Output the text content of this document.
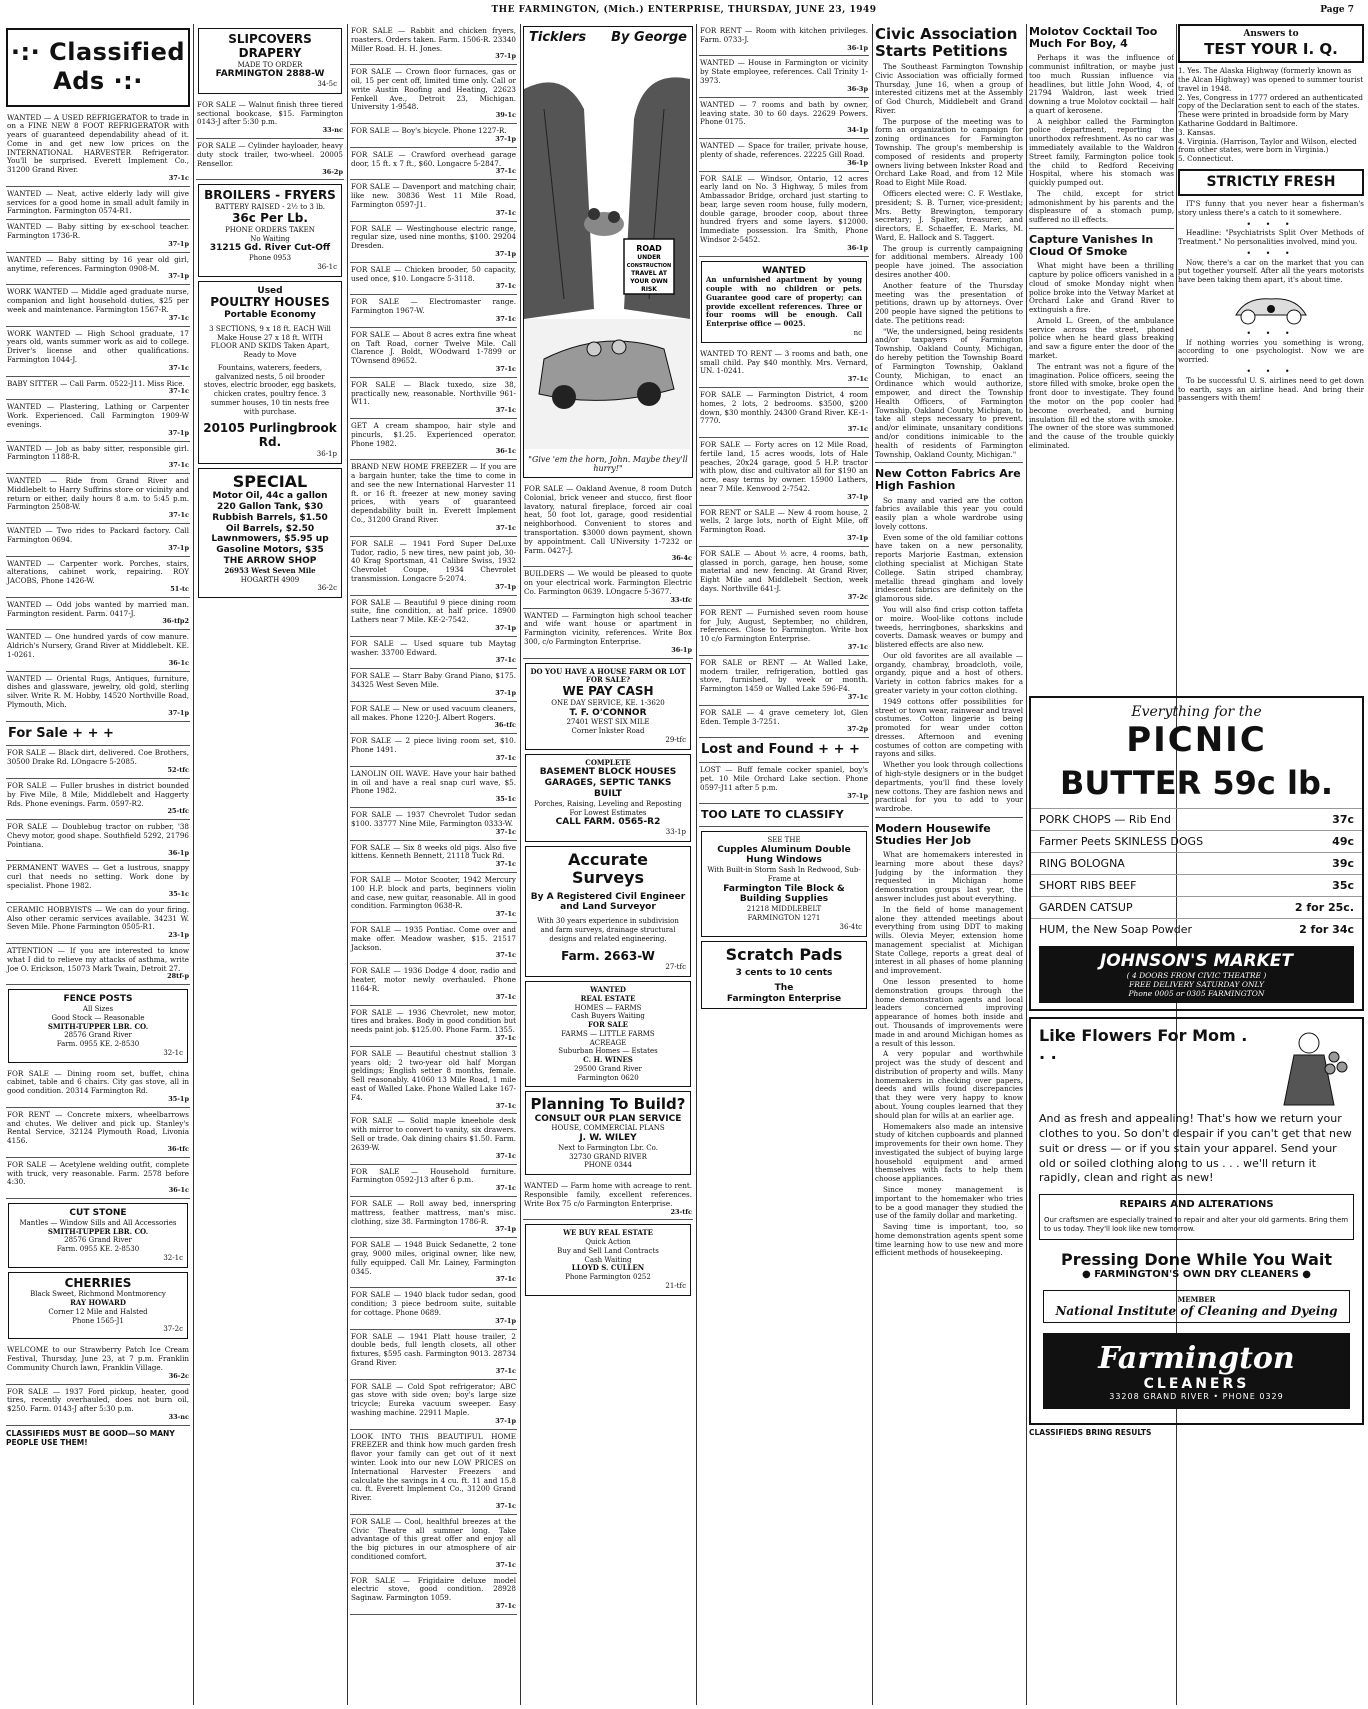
THE FARMINGTON, (Mich.) ENTERPRISE, THURSDAY, JUNE 23, 1949	Page 7
·:· Classified Ads ·:·
WANTED — A USED REFRIGERATOR to trade in on a FINE NEW 8 FOOT REFRIGERATOR with years of guaranteed dependability ahead of it. Come in and get new low prices on the INTERNATIONAL HARVESTER Refrigerator. You'll be surprised. Everett Implement Co., 31200 Grand River.
37-1c
WANTED — Neat, active elderly lady will give services for a good home in small adult family in Farmington. Farmington 0574-R1.
WANTED — Baby sitting by ex-school teacher. Farmington 1736-R.
37-1p
WANTED — Baby sitting by 16 year old girl, anytime, references. Farmington 0908-M.
37-1p
WORK WANTED — Middle aged graduate nurse, companion and light household duties, $25 per week and maintenance. Farmington 1567-R.
37-1c
WORK WANTED — High School graduate, 17 years old, wants summer work as aid to college. Driver's license and other qualifications. Farmington 1044-J.
37-1c
BABY SITTER — Call Farm. 0522-J11. Miss Rice.
37-1c
WANTED — Plastering, Lathing or Carpenter Work. Experienced. Call Farmington 1909-W evenings.
37-1p
WANTED — Job as baby sitter, responsible girl. Farmington 1188-R.
37-1c
WANTED — Ride from Grand River and Middlebelt to Harry Suffrins store or vicinity and return or either, daily hours 8 a.m. to 5:45 p.m. Farmington 2508-W.
37-1c
WANTED — Two rides to Packard factory. Call Farmington 0694.
37-1p
WANTED — Carpenter work. Porches, stairs, alterations, cabinet work, repairing. ROY JACOBS, Phone 1426-W.
51-tc
WANTED — Odd jobs wanted by married man. Farmington resident. Farm. 0417-J.
36-tfp2
WANTED — One hundred yards of cow manure. Aldrich's Nursery, Grand River at Middlebelt. KE. 1-0261.
36-1c
WANTED — Oriental Rugs, Antiques, furniture, dishes and glassware, jewelry, old gold, sterling silver. Write R. M. Hobby, 14520 Northville Road, Plymouth, Mich.
37-1p
For Sale + + +
FOR SALE — Black dirt, delivered. Coe Brothers, 30500 Drake Rd. LOngacre 5-2085.
52-tfc
FOR SALE — Fuller brushes in district bounded by Five Mile, 8 Mile, Middlebelt and Haggerty Rds. Phone evenings. Farm. 0597-R2.
25-tfc
FOR SALE — Doublebug tractor on rubber, '38 Chevy motor, good shape. Southfield 5292, 21796 Pointiana.
36-1p
PERMANENT WAVES — Get a lustrous, snappy curl that needs no setting. Work done by specialist. Phone 1982.
35-1c
CERAMIC HOBBYISTS — We can do your firing. Also other ceramic services available. 34231 W. Seven Mile. Phone Farmington 0505-R1.
23-1p
ATTENTION — If you are interested to know what I did to relieve my attacks of asthma, write Joe O. Erickson, 15073 Mark Twain, Detroit 27.
28tf-p
FENCE POSTS
All Sizes
Good Stock — Reasonable
SMITH-TUPPER LBR. CO.
28576 Grand River
Farm. 0955 KE. 2-8530
32-1c
FOR SALE — Dining room set, buffet, china cabinet, table and 6 chairs. City gas stove, all in good condition. 20314 Farmington Rd.
35-1p
FOR RENT — Concrete mixers, wheelbarrows and chutes. We deliver and pick up. Stanley's Rental Service, 32124 Plymouth Road, Livonia 4156.
36-tfc
FOR SALE — Acetylene welding outfit, complete with truck, very reasonable. Farm. 2578 before 4:30.
36-1c
CUT STONE
Mantles — Window Sills and All Accessories
SMITH-TUPPER LBR. CO.
28576 Grand River
Farm. 0955 KE. 2-8530
32-1c
CHERRIES
Black Sweet, Richmond Montmorency
RAY HOWARD
Corner 12 Mile and Halsted
Phone 1565-J1
37-2c
WELCOME to our Strawberry Patch Ice Cream Festival, Thursday, June 23, at 7 p.m. Franklin Community Church lawn, Franklin Village.
36-2c
FOR SALE — 1937 Ford pickup, heater, good tires, recently overhauled, does not burn oil, $250. Farm. 0143-J after 5:30 p.m.
33-nc
CLASSIFIEDS MUST BE GOOD—SO MANY PEOPLE USE THEM!
SLIPCOVERS DRAPERY
MADE TO ORDER
FARMINGTON 2888-W
34-5c
FOR SALE — Walnut finish three tiered sectional bookcase, $15. Farmington 0143-J after 5:30 p.m.
33-nc
FOR SALE — Cylinder hayloader, heavy duty stock trailer, two-wheel. 20005 Rensellor.
36-2p
BROILERS - FRYERS
BATTERY RAISED - 2½ to 3 lb.
36c Per Lb.
PHONE ORDERS TAKEN
No Waiting
31215 Gd. River Cut-Off
Phone 0953
36-1c
Used
POULTRY HOUSES
Portable Economy
3 SECTIONS, 9 x 18 ft. EACH Will Make House 27 x 18 ft. WITH FLOOR AND SKIDS Taken Apart, Ready to Move
Fountains, waterers, feeders, galvanized nests, 5 oil brooder stoves, electric brooder, egg baskets, chicken crates, poultry fence. 3 summer houses, 10 tin nests free with purchase.
20105 Purlingbrook Rd.
36-1p
SPECIAL
Motor Oil, 44c a gallon
220 Gallon Tank, $30
Rubbish Barrels, $1.50
Oil Barrels, $2.50
Lawnmowers, $5.95 up
Gasoline Motors, $35
THE ARROW SHOP
26953 West Seven Mile
HOGARTH 4909
36-2c
FOR SALE — Rabbit and chicken fryers, roasters. Orders taken. Farm. 1506-R. 23340 Miller Road. H. H. Jones.
37-1p
FOR SALE — Crown floor furnaces, gas or oil, 15 per cent off, limited time only. Call or write Austin Roofing and Heating, 22623 Fenkell Ave., Detroit 23, Michigan. University 1-9548.
39-1c
FOR SALE — Boy's bicycle. Phone 1227-R.
37-1p
FOR SALE — Crawford overhead garage door, 15 ft. x 7 ft., $60. Longacre 5-2847.
37-1c
FOR SALE — Davenport and matching chair, like new. 30836 West 11 Mile Road, Farmington 0597-J1.
37-1c
FOR SALE — Westinghouse electric range, regular size, used nine months, $100. 29204 Dresden.
37-1p
FOR SALE — Chicken brooder, 50 capacity, used once, $10. Longacre 5-3118.
37-1c
FOR SALE — Electromaster range. Farmington 1967-W.
37-1c
FOR SALE — About 8 acres extra fine wheat on Taft Road, corner Twelve Mile. Call Clarence J. Boldt, WOodward 1-7899 or TOwnsend 89652.
37-1c
FOR SALE — Black tuxedo, size 38, practically new, reasonable. Northville 961-W11.
37-1c
GET A cream shampoo, hair style and pincurls, $1.25. Experienced operator. Phone 1982.
36-1c
BRAND NEW HOME FREEZER — If you are a bargain hunter, take the time to come in and see the new International Harvester 11 ft. or 16 ft. freezer at new money saving prices, with years of guaranteed dependability built in. Everett Implement Co., 31200 Grand River.
37-1c
FOR SALE — 1941 Ford Super DeLuxe Tudor, radio, 5 new tires, new paint job, 30-40 Krag Sportsman, 41 Calibre Swiss, 1932 Chevrolet Coupe, 1934 Chevrolet transmission. Longacre 5-2074.
37-1p
FOR SALE — Beautiful 9 piece dining room suite, fine condition, at half price. 18900 Lathers near 7 Mile. KE-2-7542.
37-1p
FOR SALE — Used square tub Maytag washer. 33700 Edward.
37-1c
FOR SALE — Starr Baby Grand Piano, $175. 34325 West Seven Mile.
37-1p
FOR SALE — New or used vacuum cleaners, all makes. Phone 1220-J. Albert Rogers.
36-tfc
FOR SALE — 2 piece living room set, $10. Phone 1491.
37-1c
LANOLIN OIL WAVE. Have your hair bathed in oil and have a real snap curl wave, $5. Phone 1982.
35-1c
FOR SALE — 1937 Chevrolet Tudor sedan $100. 33777 Nine Mile, Farmington 0333-W.
37-1c
FOR SALE — Six 8 weeks old pigs. Also five kittens. Kenneth Bennett, 21118 Tuck Rd.
37-1c
FOR SALE — Motor Scooter, 1942 Mercury 100 H.P. block and parts, beginners violin and case, new guitar, reasonable. All in good condition. Farmington 0638-R.
37-1c
FOR SALE — 1935 Pontiac. Come over and make offer. Meadow washer, $15. 21517 Jackson.
37-1c
FOR SALE — 1936 Dodge 4 door, radio and heater, motor newly overhauled. Phone 1164-R.
37-1c
FOR SALE — 1936 Chevrolet, new motor, tires and brakes. Body in good condition but needs paint job. $125.00. Phone Farm. 1355.
37-1c
FOR SALE — Beautiful chestnut stallion 3 years old; 2 two-year old half Morgan geldings; English setter 8 months, female. Sell reasonably. 41060 13 Mile Road, 1 mile east of Walled Lake. Phone Walled Lake 167-F4.
37-1c
FOR SALE — Solid maple kneehole desk with mirror to convert to vanity, six drawers. Sell or trade. Oak dining chairs $1.50. Farm. 2639-W.
37-1c
FOR SALE — Household furniture. Farmington 0592-J13 after 6 p.m.
37-1c
FOR SALE — Roll away bed, innerspring mattress, feather mattress, man's misc. clothing, size 38. Farmington 1786-R.
37-1p
FOR SALE — 1948 Buick Sedanette, 2 tone gray, 9000 miles, original owner, like new, fully equipped. Call Mr. Lainey, Farmington 0345.
37-1c
FOR SALE — 1940 black tudor sedan, good condition; 3 piece bedroom suite, suitable for cottage. Phone 0689.
37-1p
FOR SALE — 1941 Platt house trailer, 2 double beds, full length closets, all other fixtures, $595 cash. Farmington 9013. 28734 Grand River.
37-1c
FOR SALE — Cold Spot refrigerator; ABC gas stove with side oven; boy's large size tricycle; Eureka vacuum sweeper. Easy washing machine. 22911 Maple.
37-1p
LOOK INTO THIS BEAUTIFUL HOME FREEZER and think how much garden fresh flavor your family can get out of it next winter. Look into our new LOW PRICES on International Harvester Freezers and calculate the savings in 4 cu. ft. 11 and 15.8 cu. ft. Everett Implement Co., 31200 Grand River.
37-1c
FOR SALE — Cool, healthful breezes at the Civic Theatre all summer long. Take advantage of this great offer and enjoy all the big pictures in our atmosphere of air conditioned comfort.
37-1c
FOR SALE — Frigidaire deluxe model electric stove, good condition. 28928 Saginaw. Farmington 1059.
37-1c
Ticklers By George
ROAD
UNDER
CONSTRUCTION
TRAVEL AT
YOUR OWN
RISK
"Give 'em the horn, John. Maybe they'll hurry!"
FOR SALE — Oakland Avenue, 8 room Dutch Colonial, brick veneer and stucco, first floor lavatory, natural fireplace, forced air coal heat, 50 foot lot, garage, good residential neighborhood. Convenient to stores and transportation. $3000 down payment, shown by appointment. Call UNiversity 1-7232 or Farm. 0427-J.
36-4c
BUILDERS — We would be pleased to quote on your electrical work. Farmington Electric Co. Farmington 0639. LOngacre 5-3677.
33-tfc
WANTED — Farmington high school teacher and wife want house or apartment in Farmington vicinity, references. Write Box 300, c/o Farmington Enterprise.
36-1p
DO YOU HAVE A HOUSE FARM OR LOT FOR SALE?
WE PAY CASH
ONE DAY SERVICE, KE. 1-3620
T. F. O'CONNOR
27401 WEST SIX MILE
Corner Inkster Road
29-tfc
COMPLETE
BASEMENT BLOCK HOUSES GARAGES, SEPTIC TANKS BUILT
Porches, Raising, Leveling and Reposting
For Lowest Estimates
CALL FARM. 0565-R2
33-1p
Accurate Surveys
By A Registered Civil Engineer and Land Surveyor
With 30 years experience in subdivision and farm surveys, drainage structural designs and related engineering.
Farm. 2663-W
27-tfc
WANTED
REAL ESTATE
HOMES — FARMS
Cash Buyers Waiting
FOR SALE
FARMS — LITTLE FARMS
ACREAGE
Suburban Homes — Estates
C. H. WINES
29500 Grand River
Farmington 0620
Planning To Build?
CONSULT OUR PLAN SERVICE
HOUSE, COMMERCIAL PLANS
J. W. WILEY
Next to Farmington Lbr. Co.
32730 GRAND RIVER
PHONE 0344
WANTED — Farm home with acreage to rent. Responsible family, excellent references. Write Box 75 c/o Farmington Enterprise.
23-tfc
WE BUY REAL ESTATE
Quick Action
Buy and Sell Land Contracts
Cash Waiting
LLOYD S. CULLEN
Phone Farmington 0252
21-tfc
FOR RENT — Room with kitchen privileges. Farm. 0733-J.
36-1p
WANTED — House in Farmington or vicinity by State employee, references. Call Trinity 1-3973.
36-3p
WANTED — 7 rooms and bath by owner, leaving state. 30 to 60 days. 22629 Powers. Phone 0175.
34-1p
WANTED — Space for trailer, private house, plenty of shade, references. 22225 Gill Road.
36-1p
FOR SALE — Windsor, Ontario, 12 acres early land on No. 3 Highway, 5 miles from Ambassador Bridge, orchard just starting to bear, large seven room house, fully modern, double garage, brooder coop, about three hundred fryers and some layers. $12000. Immediate possession. Ira Smith, Phone Windsor 2-5452.
36-1p
WANTED
An unfurnished apartment by young couple with no children or pets. Guarantee good care of property; can provide excellent references. Three or four rooms will be enough. Call Enterprise office — 0025.
nc
WANTED TO RENT — 3 rooms and bath, one small child. Pay $40 monthly. Mrs. Vernard, UN. 1-0241.
37-1c
FOR SALE — Farmington District, 4 room homes, 2 lots, 2 bedrooms. $3500, $200 down, $30 monthly. 24300 Grand River. KE-1-7770.
37-1c
FOR SALE — Forty acres on 12 Mile Road, fertile land, 15 acres woods, lots of Hale peaches, 20x24 garage, good 5 H.P. tractor with plow, disc and cultivator all for $190 an acre, easy terms by owner. 15900 Lathers, near 7 Mile. Kenwood 2-7542.
37-1p
FOR RENT or SALE — New 4 room house, 2 wells, 2 large lots, north of Eight Mile, off Farmington Road.
37-1p
FOR SALE — About ½ acre, 4 rooms, bath, glassed in porch, garage, hen house, some material and new fencing. At Grand River, Eight Mile and Middlebelt Section, week days. Northville 641-J.
37-2c
FOR RENT — Furnished seven room house for July, August, September, no children, references. Close to Farmington. Write box 10 c/o Farmington Enterprise.
37-1c
FOR SALE or RENT — At Walled Lake, modern trailer, refrigeration, bottled gas stove, furnished, by week or month. Farmington 1459 or Walled Lake 596-F4.
37-1c
FOR SALE — 4 grave cemetery lot, Glen Eden. Temple 3-7251.
37-2p
Lost and Found + + +
LOST — Buff female cocker spaniel, boy's pet. 10 Mile Orchard Lake section. Phone 0597-J11 after 5 p.m.
37-1p
TOO LATE TO CLASSIFY
SEE THE
Cupples Aluminum Double Hung Windows
With Built-in Storm Sash In Redwood, Sub-Frame at
Farmington Tile Block & Building Supplies
21218 MIDDLEBELT
FARMINGTON 1271
36-4tc
Scratch Pads
3 cents to 10 cents
The
Farmington Enterprise
Civic Association Starts Petitions

The Southeast Farmington Township Civic Association was officially formed Thursday, June 16, when a group of interested citizens met at the Assembly of God Church, Middlebelt and Grand River.

The purpose of the meeting was to form an organization to campaign for zoning ordinances for Farmington Township. The group's membership is composed of residents and property owners living between Inkster Road and Orchard Lake Road, and from 12 Mile Road to Eight Mile Road.

Officers elected were: C. F. Westlake, president; S. B. Turner, vice-president; Mrs. Betty Brewington, temporary secretary; J. Spalter, treasurer, and directors, E. Schaeffer, E. Marks, M. Ward, E. Hallock and S. Taggert.

The group is currently campaigning for additional members. Already 100 people have joined. The association desires another 400.

Another feature of the Thursday meeting was the presentation of petitions, drawn up by attorneys. Over 200 people have signed the petitions to date. The petitions read:

"We, the undersigned, being residents and/or taxpayers of Farmington Township, Oakland County, Michigan, do hereby petition the Township Board of Farmington Township, Oakland County, Michigan, to enact an Ordinance which would authorize, empower, and direct the Township Health Officers, of Farmington Township, Oakland County, Michigan, to take all steps necessary to prevent, and/or eliminate, unsanitary conditions and/or conditions inimicable to the health of residents of Farmington Township, Oakland County, Michigan."

New Cotton Fabrics Are High Fashion

So many and varied are the cotton fabrics available this year you could easily plan a whole wardrobe using lovely cottons.

Even some of the old familiar cottons have taken on a new personality, reports Marjorie Eastman, extension clothing specialist at Michigan State College. Satin striped chambray, metallic thread gingham and lovely iridescent fabrics are definitely on the glamorous side.

You will also find crisp cotton taffeta or moire. Wool-like cottons include tweeds, herringbones, sharkskins and coverts. Damask weaves or bumpy and blistered effects are also new.

Our old favorites are all available — organdy, chambray, broadcloth, voile, organdy, pique and a host of others. Variety in cotton fabrics makes for a greater variety in your cotton clothing.

1949 cottons offer possibilities for street or town wear, rainwear and travel costumes. Cotton lingerie is being promoted for wear under cotton dresses. Afternoon and evening costumes of cotton are competing with rayons and silks.

Whether you look through collections of high-style designers or in the budget departments, you'll find these lovely new cottons. They are fashion news and practical for you to add to your wardrobe.

Modern Housewife Studies Her Job

What are homemakers interested in learning more about these days? Judging by the information they requested in Michigan home demonstration groups last year, the answer includes just about everything.

In the field of home management alone they attended meetings about everything from using DDT to making wills. Olevia Meyer, extension home management specialist at Michigan State College, reports a great deal of interest in all phases of home planning and improvement.

One lesson presented to home demonstration groups through the home demonstration agents and local leaders concerned improving appearance of homes both inside and out. Thousands of improvements were made in and around Michigan homes as a result of this lesson.

A very popular and worthwhile project was the study of descent and distribution of property and wills. Many homemakers in checking over papers, deeds and wills found discrepancies that they were very happy to know about. Young couples learned that they should plan for wills at an earlier age.

Homemakers also made an intensive study of kitchen cupboards and planned improvements for their own home. They investigated the subject of buying large household equipment and armed themselves with facts to help them choose appliances.

Since money management is important to the homemaker who tries to be a good manager they studied the use of the family dollar and marketing.

Saving time is important, too, so home demonstration agents spent some time learning how to use new and more efficient methods of housekeeping.

Molotov Cocktail Too Much For Boy, 4

Perhaps it was the influence of communist infiltration, or maybe just too much Russian influence via headlines, but little John Wood, 4, of 21794 Waldron, last week tried downing a true Molotov cocktail — half a quart of kerosene.

A neighbor called the Farmington police department, reporting the unorthodox refreshment. As no car was immediately available to the Waldron Street family, Farmington police took the child to Redford Receiving Hospital, where his stomach was quickly pumped out.

The child, except for strict admonishment by his parents and the displeasure of a stomach pump, suffered no ill effects.

Capture Vanishes In Cloud Of Smoke

What might have been a thrilling capture by police officers vanished in a cloud of smoke Monday night when police broke into the Vetway Market at Orchard Lake and Grand River to extinguish a fire.

Arnold L. Green, of the ambulance service across the street, phoned police when he heard glass breaking and saw a figure enter the door of the market.

The entrant was not a figure of the imagination. Police officers, seeing the store filled with smoke, broke open the front door to investigate. They found the motor on the pop cooler had become overheated, and burning insulation fill ed the store with smoke. The owner of the store was summoned and the cause of the trouble quickly eliminated.

Answers to
TEST YOUR I. Q.

1. Yes. The Alaska Highway (formerly known as the Alcan Highway) was opened to summer tourist travel in 1948.

2. Yes, Congress in 1777 ordered an authenticated copy of the Declaration sent to each of the states. These were printed in broadside form by Mary Katharine Goddard in Baltimore.

3. Kansas.

4. Virginia. (Harrison, Taylor and Wilson, elected from other states, were born in Virginia.)

5. Connecticut.

STRICTLY FRESH

IT'S funny that you never hear a fisherman's story unless there's a catch to it somewhere.

• • •

Headline: "Psychiatrists Split Over Methods of Treatment." No personalities involved, mind you.

• • •

Now, there's a car on the market that you can put together yourself. After all the years motorists have been taking them apart, it's about time.

• • •

If nothing worries you something is wrong, according to one psychologist. Now we are worried.

• • •

To be successful U. S. airlines need to get down to earth, says an airline head. And bring their passengers with them!

Everything for the
PICNIC
BUTTER 59c lb.
PORK CHOPS — Rib End	37c
Farmer Peets SKINLESS DOGS	49c
RING BOLOGNA	39c
SHORT RIBS BEEF	35c
GARDEN CATSUP	2 for 25c.
HUM, the New Soap Powder	2 for 34c
JOHNSON'S MARKET
( 4 DOORS FROM CIVIC THEATRE )
FREE DELIVERY SATURDAY ONLY
Phone 0005 or 0305 FARMINGTON
Like Flowers For Mom . . .
And as fresh and appealing! That's how we return your clothes to you. So don't despair if you can't get that new suit or dress — or if you stain your apparel. Send your old or soiled clothing along to us . . . we'll return it rapidly, clean and right as new!
REPAIRS AND ALTERATIONS
Our craftsmen are especially trained to repair and alter your old garments. Bring them to us today. They'll look like new tomorrow.
Pressing Done While You Wait
● FARMINGTON'S OWN DRY CLEANERS ●
MEMBER
National Institute of Cleaning and Dyeing
Farmington
CLEANERS
33208 GRAND RIVER • PHONE 0329
CLASSIFIEDS BRING RESULTS
